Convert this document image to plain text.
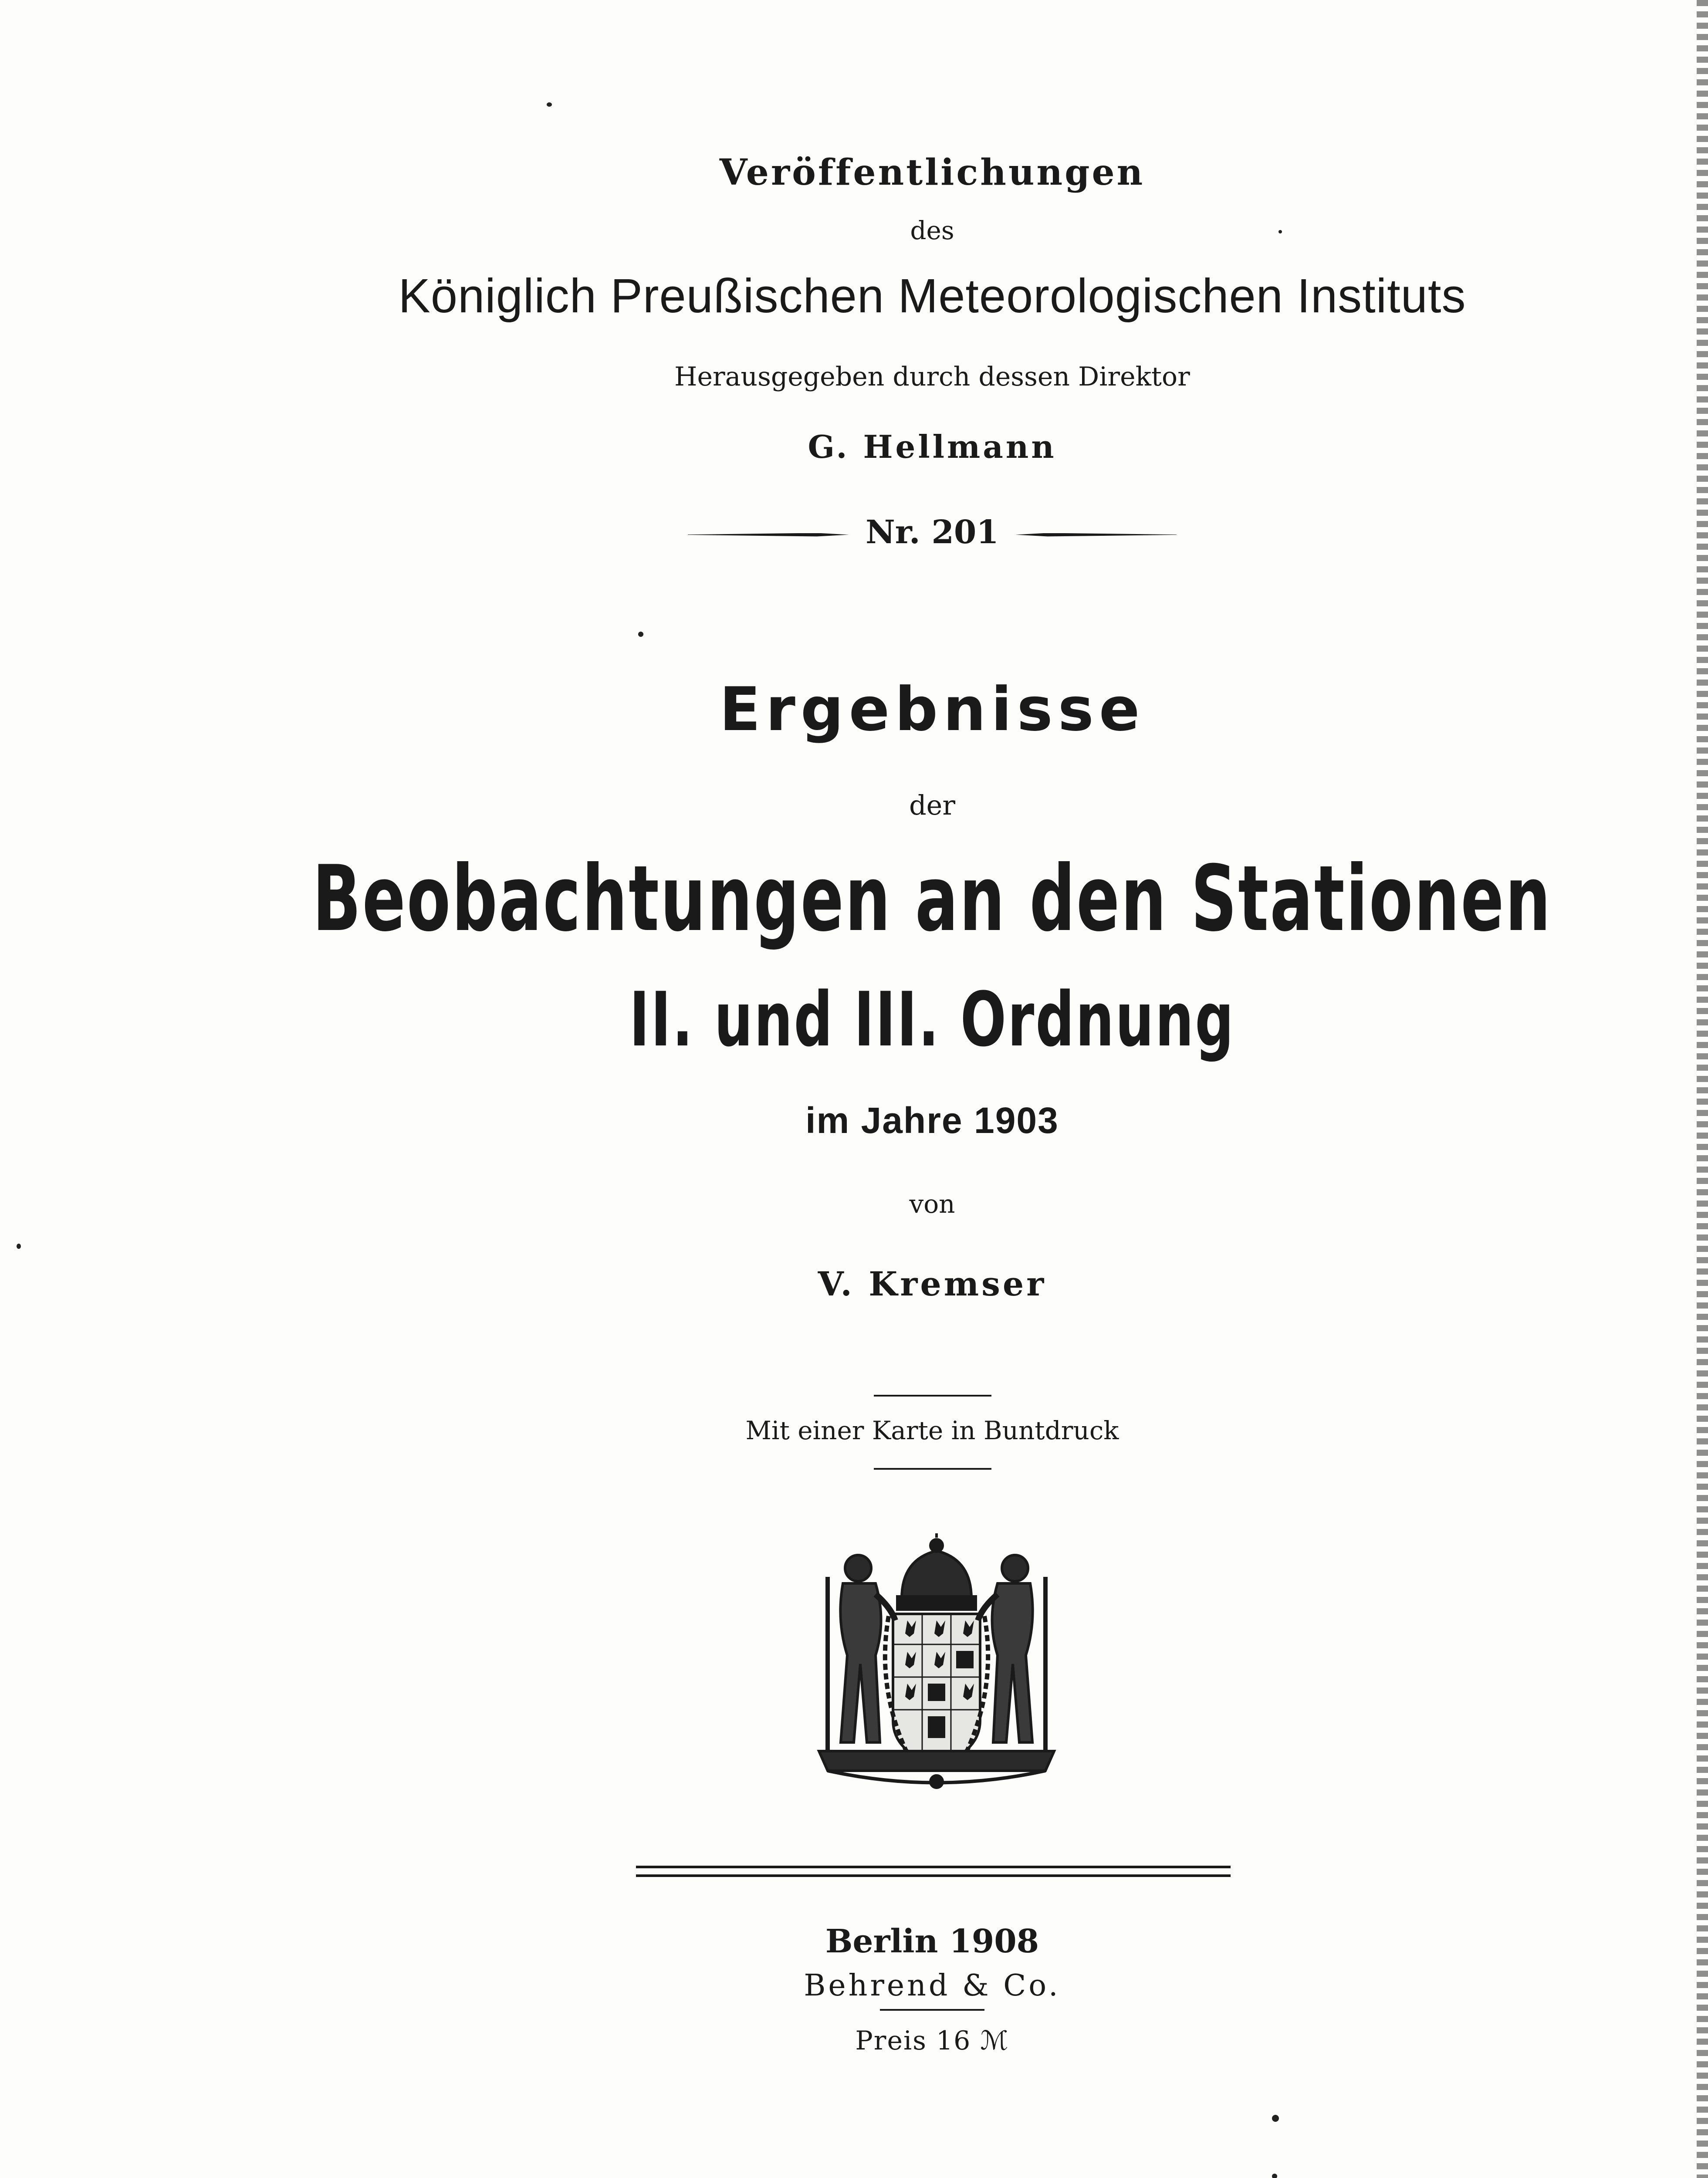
Veröffentlichungen
des
Königlich Preußischen Meteorologischen Instituts
Herausgegeben durch dessen Direktor
G. Hellmann
Nr. 201
Ergebnisse
der
Beobachtungen an den Stationen
II. und III. Ordnung
im Jahre 1903
von
V. Kremser
Mit einer Karte in Buntdruck
Berlin 1908
Behrend & Co.
Preis 16 ℳ
